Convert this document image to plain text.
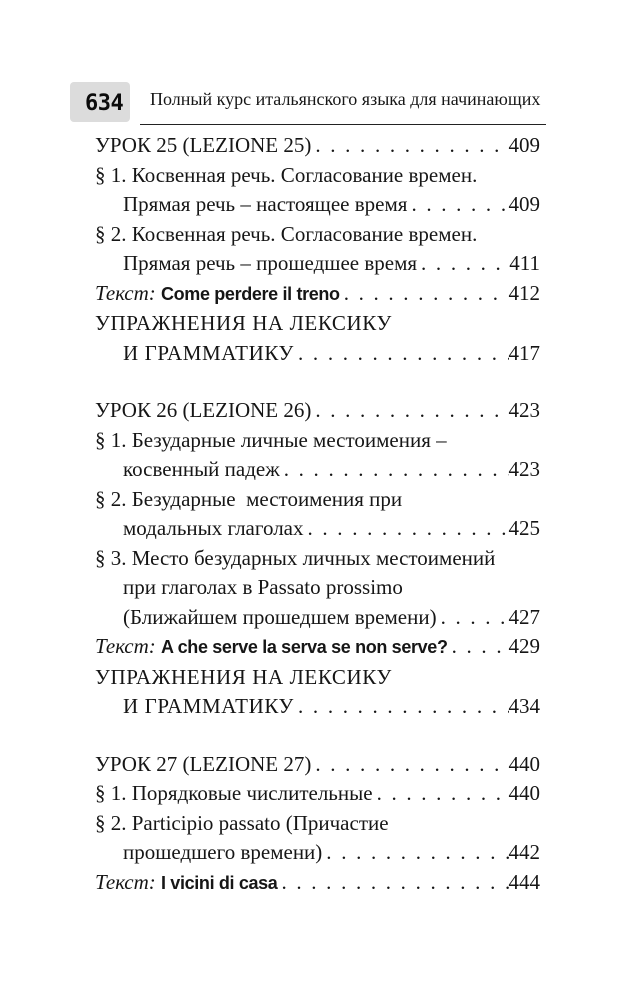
634 Полный курс итальянского языка для начинающих
УРОК 25 (LEZIONE 25) . . .	409
§ 1. Косвенная речь. Согласование времен.
Прямая речь – настоящее время . . .	409
§ 2. Косвенная речь. Согласование времен.
Прямая речь – прошедшее время . . .	411
Текст: Come perdere il treno . . .	412
УПРАЖНЕНИЯ НА ЛЕКСИКУ
И ГРАММАТИКУ . . .	417
УРОК 26 (LEZIONE 26) . . .	423
§ 1. Безударные личные местоимения –
косвенный падеж . . .	423
§ 2. Безударные  местоимения при
модальных глаголах . . .	425
§ 3. Место безударных личных местоимений
при глаголах в Passato prossimo
(Ближайшем прошедшем времени) . . .	427
Текст: A che serve la serva se non serve? . . .	429
УПРАЖНЕНИЯ НА ЛЕКСИКУ
И ГРАММАТИКУ . . .	434
УРОК 27 (LEZIONE 27) . . .	440
§ 1. Порядковые числительные . . .	440
§ 2. Participio passato (Причастие
прошедшего времени) . . .	442
Текст: I vicini di casa . . .	444
